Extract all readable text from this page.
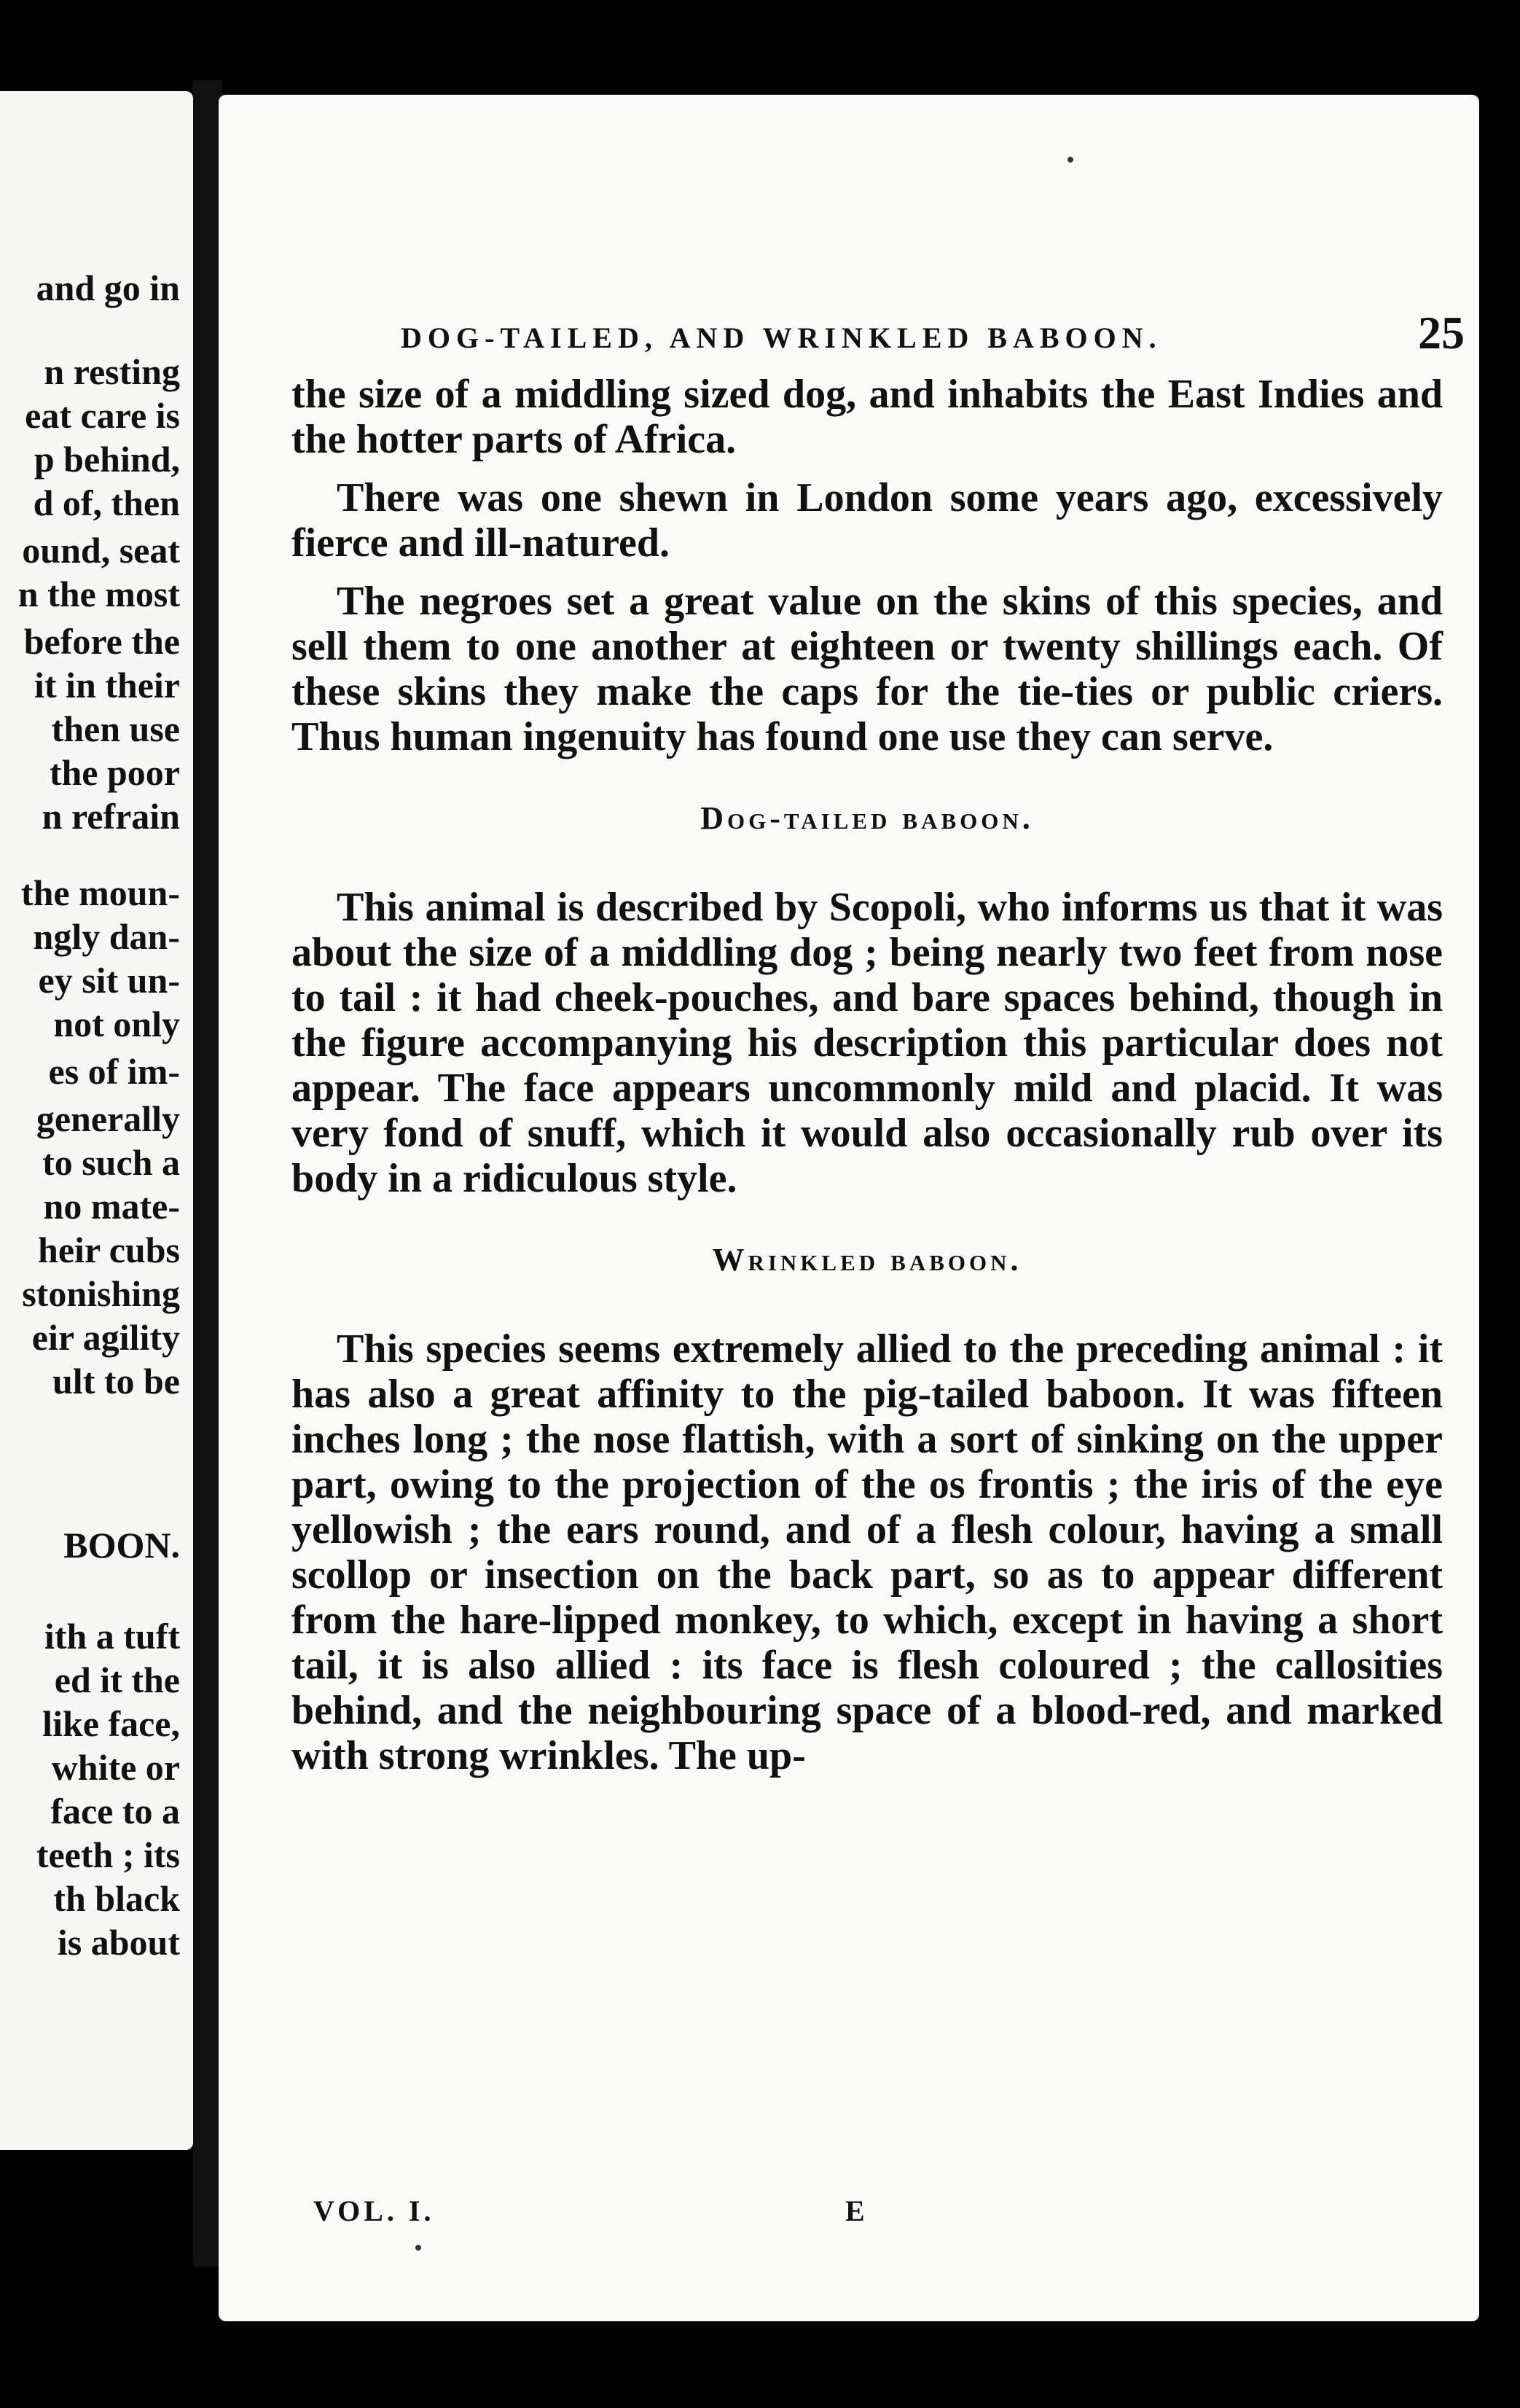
and go in
n resting
eat care is
p behind,
d of, then
ound, seat
n the most
before the
it in their
then use
the poor
n refrain
the moun-
ngly dan-
ey sit un-
not only
es of im-
generally
to such a
no mate-
heir cubs
stonishing
eir agility
ult to be
BOON.
ith a tuft
ed it the
like face,
white or
face to a
teeth ; its
th black
is about
DOG-TAILED, AND WRINKLED BABOON.	25

the size of a middling sized dog, and inhabits the East Indies and the hotter parts of Africa.

There was one shewn in London some years ago, excessively fierce and ill-natured.

The negroes set a great value on the skins of this species, and sell them to one another at eighteen or twenty shillings each. Of these skins they make the caps for the tie-ties or public criers. Thus human ingenuity has found one use they can serve.

Dog-tailed baboon.

This animal is described by Scopoli, who informs us that it was about the size of a middling dog ; being nearly two feet from nose to tail : it had cheek-pouches, and bare spaces behind, though in the figure accompanying his description this particular does not appear. The face appears uncommonly mild and placid. It was very fond of snuff, which it would also occasionally rub over its body in a ridiculous style.

Wrinkled baboon.

This species seems extremely allied to the preceding animal : it has also a great affinity to the pig-tailed baboon. It was fifteen inches long ; the nose flattish, with a sort of sinking on the upper part, owing to the projection of the os frontis ; the iris of the eye yellowish ; the ears round, and of a flesh colour, having a small scollop or insection on the back part, so as to appear different from the hare-lipped monkey, to which, except in having a short tail, it is also allied : its face is flesh coloured ; the callosities behind, and the neighbouring space of a blood-red, and marked with strong wrinkles. The up-

VOL. I.	E
